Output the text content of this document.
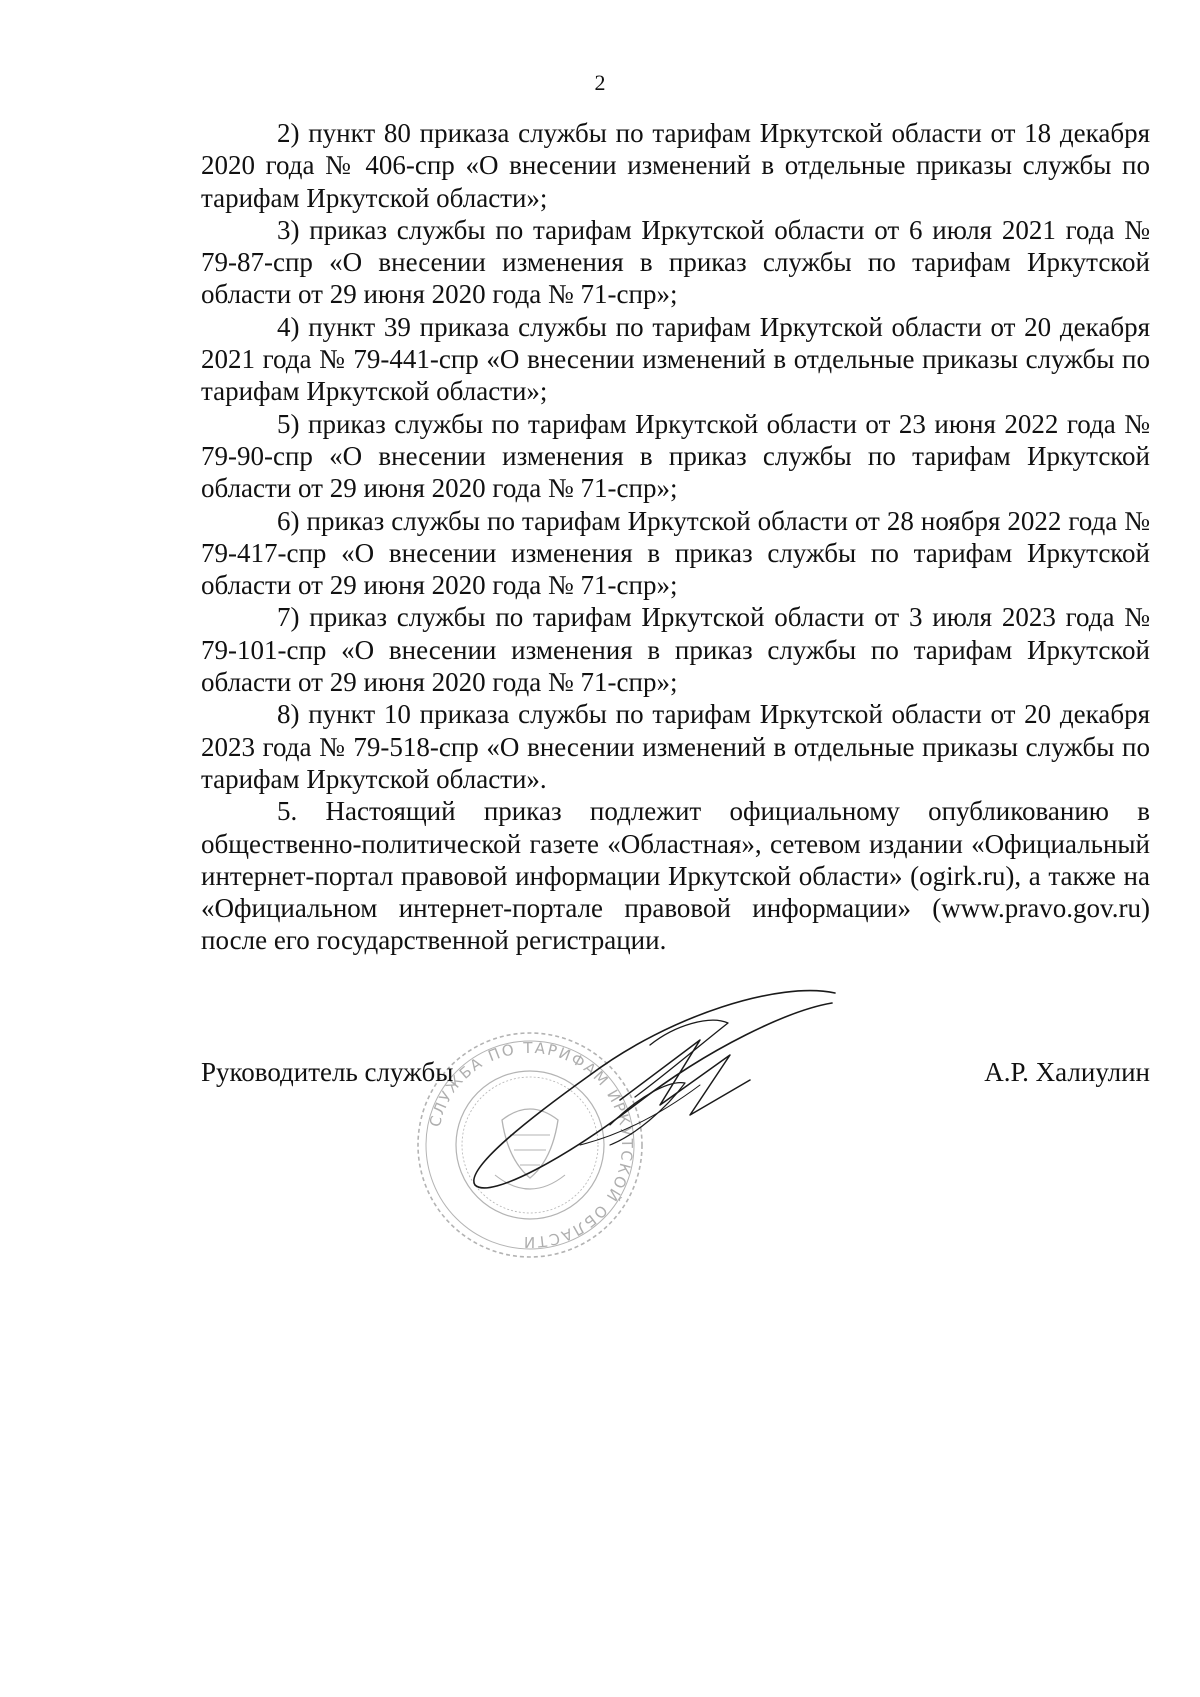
2

2) пункт 80 приказа службы по тарифам Иркутской области от 18 декабря 2020 года № 406-спр «О внесении изменений в отдельные приказы службы по тарифам Иркутской области»;

3) приказ службы по тарифам Иркутской области от 6 июля 2021 года № 79-87-спр «О внесении изменения в приказ службы по тарифам Иркутской области от 29 июня 2020 года № 71-спр»;

4) пункт 39 приказа службы по тарифам Иркутской области от 20 декабря 2021 года № 79-441-спр «О внесении изменений в отдельные приказы службы по тарифам Иркутской области»;

5) приказ службы по тарифам Иркутской области от 23 июня 2022 года № 79-90-спр «О внесении изменения в приказ службы по тарифам Иркутской области от 29 июня 2020 года № 71-спр»;

6) приказ службы по тарифам Иркутской области от 28 ноября 2022 года № 79-417-спр «О внесении изменения в приказ службы по тарифам Иркутской области от 29 июня 2020 года № 71-спр»;

7) приказ службы по тарифам Иркутской области от 3 июля 2023 года № 79-101-спр «О внесении изменения в приказ службы по тарифам Иркутской области от 29 июня 2020 года № 71-спр»;

8) пункт 10 приказа службы по тарифам Иркутской области от 20 декабря 2023 года № 79-518-спр «О внесении изменений в отдельные приказы службы по тарифам Иркутской области».

5. Настоящий приказ подлежит официальному опубликованию в общественно-политической газете «Областная», сетевом издании «Официальный интернет-портал правовой информации Иркутской области» (ogirk.ru), а также на «Официальном интернет-портале правовой информации» (www.pravo.gov.ru) после его государственной регистрации.

СЛУЖБА ПО ТАРИФАМ ИРКУТСКОЙ ОБЛАСТИ
Руководитель службы	А.Р. Халиулин
